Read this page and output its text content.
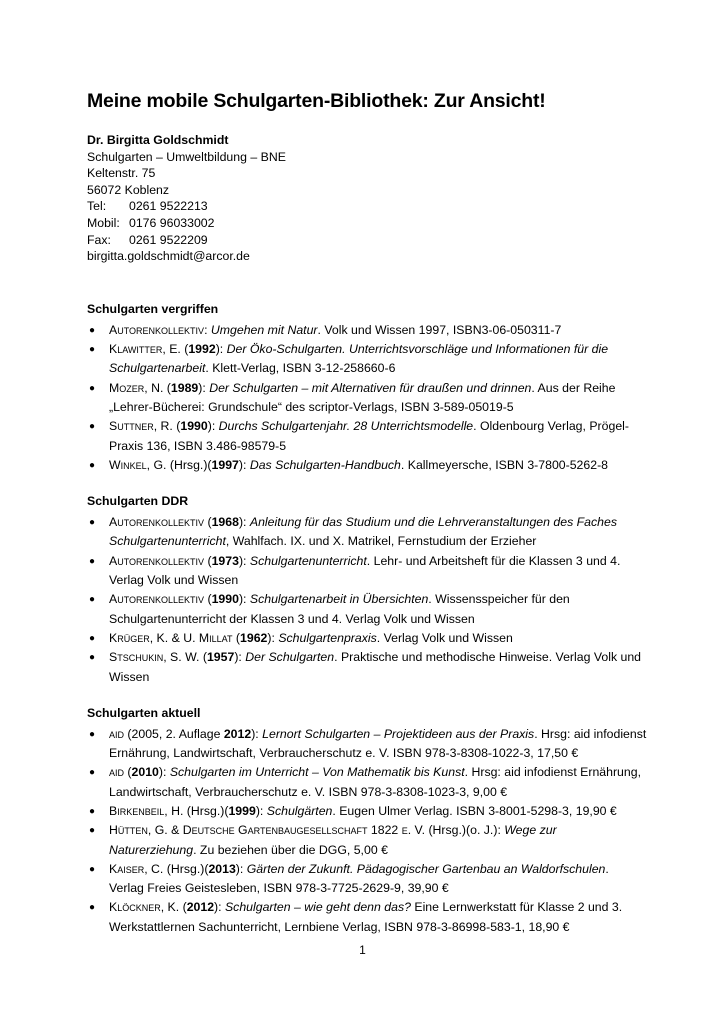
Meine mobile Schulgarten-Bibliothek: Zur Ansicht!
Dr. Birgitta Goldschmidt
Schulgarten – Umweltbildung – BNE
Keltenstr. 75
56072 Koblenz
Tel:	0261 9522213
Mobil: 0176 96033002
Fax:	0261 9522209
birgitta.goldschmidt@arcor.de
Schulgarten vergriffen
● Autorenkollektiv: Umgehen mit Natur. Volk und Wissen 1997, ISBN3-06-050311-7
● Klawitter, E. (1992): Der Öko-Schulgarten. Unterrichtsvorschläge und Informationen für die Schulgartenarbeit. Klett-Verlag, ISBN 3-12-258660-6
● Mozer, N. (1989): Der Schulgarten – mit Alternativen für draußen und drinnen. Aus der Reihe „Lehrer-Bücherei: Grundschule“ des scriptor-Verlags, ISBN 3-589-05019-5
● Suttner, R. (1990): Durchs Schulgartenjahr. 28 Unterrichtsmodelle. Oldenbourg Verlag, Prögel-Praxis 136, ISBN 3.486-98579-5
● Winkel, G. (Hrsg.)(1997): Das Schulgarten-Handbuch. Kallmeyersche, ISBN 3-7800-5262-8
Schulgarten DDR
● Autorenkollektiv (1968): Anleitung für das Studium und die Lehrveranstaltungen des Faches Schulgartenunterricht, Wahlfach. IX. und X. Matrikel, Fernstudium der Erzieher
● Autorenkollektiv (1973): Schulgartenunterricht. Lehr- und Arbeitsheft für die Klassen 3 und 4. Verlag Volk und Wissen
● Autorenkollektiv (1990): Schulgartenarbeit in Übersichten. Wissensspeicher für den Schulgartenunterricht der Klassen 3 und 4. Verlag Volk und Wissen
● Krüger, K. & U. Millat (1962): Schulgartenpraxis. Verlag Volk und Wissen
● Stschukin, S. W. (1957): Der Schulgarten. Praktische und methodische Hinweise. Verlag Volk und Wissen
Schulgarten aktuell
● aid (2005, 2. Auflage 2012): Lernort Schulgarten – Projektideen aus der Praxis. Hrsg: aid infodienst Ernährung, Landwirtschaft, Verbraucherschutz e. V. ISBN 978-3-8308-1022-3, 17,50 €
● aid (2010): Schulgarten im Unterricht – Von Mathematik bis Kunst. Hrsg: aid infodienst Ernährung, Landwirtschaft, Verbraucherschutz e. V. ISBN 978-3-8308-1023-3, 9,00 €
● Birkenbeil, H. (Hrsg.)(1999): Schulgärten. Eugen Ulmer Verlag. ISBN 3-8001-5298-3, 19,90 €
● Hütten, G. & Deutsche Gartenbaugesellschaft 1822 e. V. (Hrsg.)(o. J.): Wege zur Naturerziehung. Zu beziehen über die DGG, 5,00 €
● Kaiser, C. (Hrsg.)(2013): Gärten der Zukunft. Pädagogischer Gartenbau an Waldorfschulen. Verlag Freies Geistesleben, ISBN 978-3-7725-2629-9, 39,90 €
● Klöckner, K. (2012): Schulgarten – wie geht denn das? Eine Lernwerkstatt für Klasse 2 und 3. Werkstattlernen Sachunterricht, Lernbiene Verlag, ISBN 978-3-86998-583-1, 18,90 €
1
